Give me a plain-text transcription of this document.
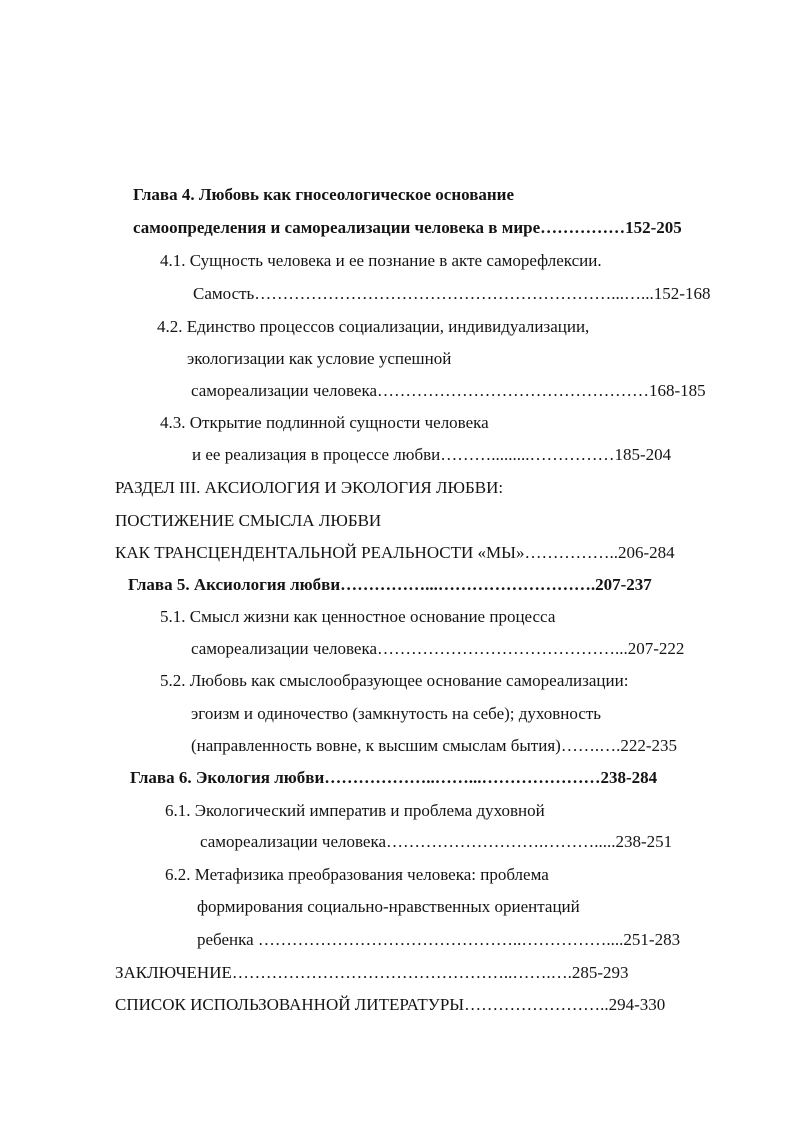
Глава 4. Любовь как гносеологическое основание
самоопределения и самореализации человека в мире……………152-205
4.1. Сущность человека и ее познание в акте саморефлексии.
Самость………………………………………………………...…...152-168
4.2. Единство процессов социализации, индивидуализации,
экологизации как условие успешной
самореализации человека…………………………………………168-185
4.3. Открытие подлинной сущности человека
и ее реализация в процессе любви……….........……………185-204
РАЗДЕЛ III. АКСИОЛОГИЯ И ЭКОЛОГИЯ ЛЮБВИ:
ПОСТИЖЕНИЕ СМЫСЛА ЛЮБВИ
КАК ТРАНСЦЕНДЕНТАЛЬНОЙ РЕАЛЬНОСТИ «МЫ»……………..206-284
Глава 5. Аксиология любви……………...……………………….207-237
5.1. Смысл жизни как ценностное основание процесса
самореализации человека……………………………………...207-222
5.2. Любовь как смыслообразующее основание самореализации:
эгоизм и одиночество (замкнутость на себе); духовность
(направленность вовне, к высшим смыслам бытия)…….….222-235
Глава 6. Экология любви………………..……...…………………238-284
6.1. Экологический императив и проблема духовной
самореализации человека……………………….……….....238-251
6.2. Метафизика преобразования человека: проблема
формирования социально-нравственных ориентаций
ребенка ………………………………………..……………....251-283
ЗАКЛЮЧЕНИЕ…………………………………………..…….….285-293
СПИСОК ИСПОЛЬЗОВАННОЙ ЛИТЕРАТУРЫ……………………..294-330
